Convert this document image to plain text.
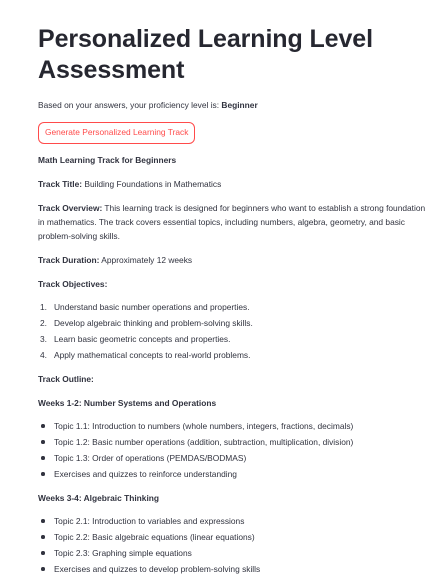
Personalized Learning Level Assessment

Based on your answers, your proficiency level is: Beginner

Generate Personalized Learning Track

Math Learning Track for Beginners

Track Title: Building Foundations in Mathematics

Track Overview: This learning track is designed for beginners who want to establish a strong foundation in mathematics. The track covers essential topics, including numbers, algebra, geometry, and basic problem-solving skills.

Track Duration: Approximately 12 weeks

Track Objectives:

1. Understand basic number operations and properties.
2. Develop algebraic thinking and problem-solving skills.
3. Learn basic geometric concepts and properties.
4. Apply mathematical concepts to real-world problems.

Track Outline:

Weeks 1-2: Number Systems and Operations

Topic 1.1: Introduction to numbers (whole numbers, integers, fractions, decimals)
Topic 1.2: Basic number operations (addition, subtraction, multiplication, division)
Topic 1.3: Order of operations (PEMDAS/BODMAS)
Exercises and quizzes to reinforce understanding

Weeks 3-4: Algebraic Thinking

Topic 2.1: Introduction to variables and expressions
Topic 2.2: Basic algebraic equations (linear equations)
Topic 2.3: Graphing simple equations
Exercises and quizzes to develop problem-solving skills
